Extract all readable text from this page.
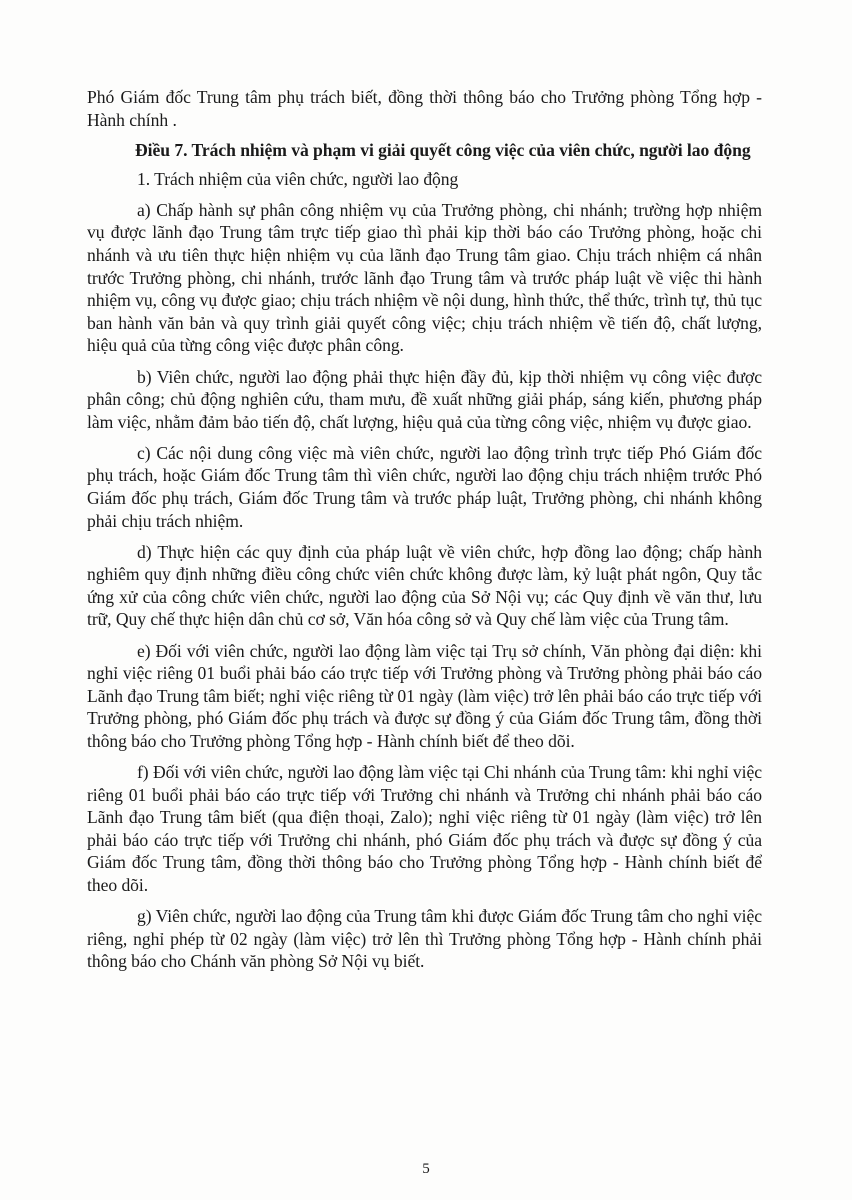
Phó Giám đốc Trung tâm phụ trách biết, đồng thời thông báo cho Trưởng phòng Tổng hợp - Hành chính .

Điều 7. Trách nhiệm và phạm vi giải quyết công việc của viên chức, người lao động

1. Trách nhiệm của viên chức, người lao động

a) Chấp hành sự phân công nhiệm vụ của Trưởng phòng, chi nhánh; trường hợp nhiệm vụ được lãnh đạo Trung tâm trực tiếp giao thì phải kịp thời báo cáo Trưởng phòng, hoặc chi nhánh và ưu tiên thực hiện nhiệm vụ của lãnh đạo Trung tâm giao. Chịu trách nhiệm cá nhân trước Trưởng phòng, chi nhánh, trước lãnh đạo Trung tâm và trước pháp luật về việc thi hành nhiệm vụ, công vụ được giao; chịu trách nhiệm về nội dung, hình thức, thể thức, trình tự, thủ tục ban hành văn bản và quy trình giải quyết công việc; chịu trách nhiệm về tiến độ, chất lượng, hiệu quả của từng công việc được phân công.

b) Viên chức, người lao động phải thực hiện đầy đủ, kịp thời nhiệm vụ công việc được phân công; chủ động nghiên cứu, tham mưu, đề xuất những giải pháp, sáng kiến, phương pháp làm việc, nhằm đảm bảo tiến độ, chất lượng, hiệu quả của từng công việc, nhiệm vụ được giao.

c) Các nội dung công việc mà viên chức, người lao động trình trực tiếp Phó Giám đốc phụ trách, hoặc Giám đốc Trung tâm thì viên chức, người lao động chịu trách nhiệm trước Phó Giám đốc phụ trách, Giám đốc Trung tâm và trước pháp luật, Trưởng phòng, chi nhánh không phải chịu trách nhiệm.

d) Thực hiện các quy định của pháp luật về viên chức, hợp đồng lao động; chấp hành nghiêm quy định những điều công chức viên chức không được làm, kỷ luật phát ngôn, Quy tắc ứng xử của công chức viên chức, người lao động của Sở Nội vụ; các Quy định về văn thư, lưu trữ, Quy chế thực hiện dân chủ cơ sở, Văn hóa công sở và Quy chế làm việc của Trung tâm.

e) Đối với viên chức, người lao động làm việc tại Trụ sở chính, Văn phòng đại diện: khi nghỉ việc riêng 01 buổi phải báo cáo trực tiếp với Trưởng phòng và Trưởng phòng phải báo cáo Lãnh đạo Trung tâm biết; nghỉ việc riêng từ 01 ngày (làm việc) trở lên phải báo cáo trực tiếp với Trưởng phòng, phó Giám đốc phụ trách và được sự đồng ý của Giám đốc Trung tâm, đồng thời thông báo cho Trưởng phòng Tổng hợp - Hành chính biết để theo dõi.

f) Đối với viên chức, người lao động làm việc tại Chi nhánh của Trung tâm: khi nghỉ việc riêng 01 buổi phải báo cáo trực tiếp với Trưởng chi nhánh và Trưởng chi nhánh phải báo cáo Lãnh đạo Trung tâm biết (qua điện thoại, Zalo); nghỉ việc riêng từ 01 ngày (làm việc) trở lên phải báo cáo trực tiếp với Trưởng chi nhánh, phó Giám đốc phụ trách và được sự đồng ý của Giám đốc Trung tâm, đồng thời thông báo cho Trưởng phòng Tổng hợp - Hành chính biết để theo dõi.

g) Viên chức, người lao động của Trung tâm khi được Giám đốc Trung tâm cho nghỉ việc riêng, nghỉ phép từ 02 ngày (làm việc) trở lên thì Trưởng phòng Tổng hợp - Hành chính phải thông báo cho Chánh văn phòng Sở Nội vụ biết.

5
